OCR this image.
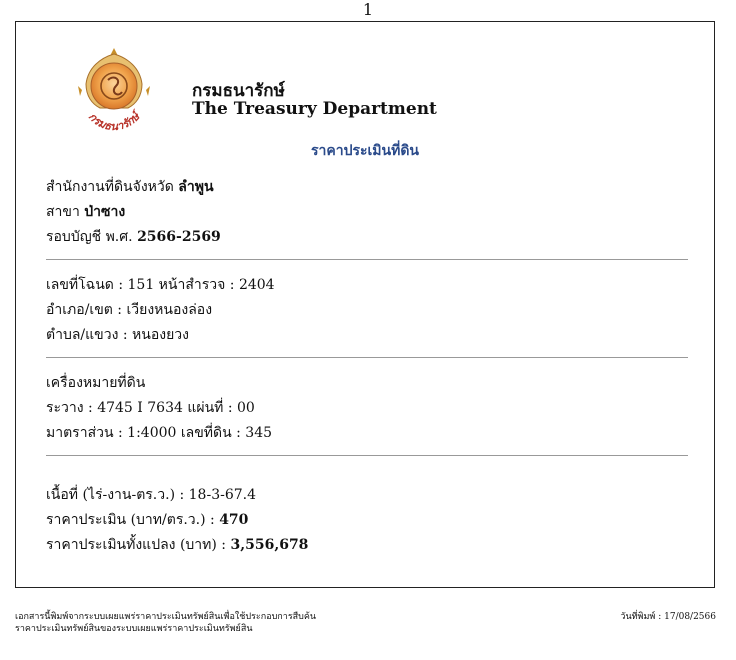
1
กรมธนารักษ์
กรมธนารักษ์
The Treasury Department
ราคาประเมินที่ดิน
สำนักงานที่ดินจังหวัด ลำพูน
สาขา ป่าซาง
รอบบัญชี พ.ศ. 2566-2569
เลขที่โฉนด : 151 หน้าสำรวจ : 2404
อำเภอ/เขต : เวียงหนองล่อง
ตำบล/แขวง : หนองยวง
เครื่องหมายที่ดิน
ระวาง : 4745 I 7634 แผ่นที่ : 00
มาตราส่วน : 1:4000 เลขที่ดิน : 345
เนื้อที่ (ไร่-งาน-ตร.ว.) : 18-3-67.4
ราคาประเมิน (บาท/ตร.ว.) : 470
ราคาประเมินทั้งแปลง (บาท) : 3,556,678
เอกสารนี้พิมพ์จากระบบเผยแพร่ราคาประเมินทรัพย์สินเพื่อใช้ประกอบการสืบค้น
ราคาประเมินทรัพย์สินของระบบเผยแพร่ราคาประเมินทรัพย์สิน
วันที่พิมพ์ : 17/08/2566
